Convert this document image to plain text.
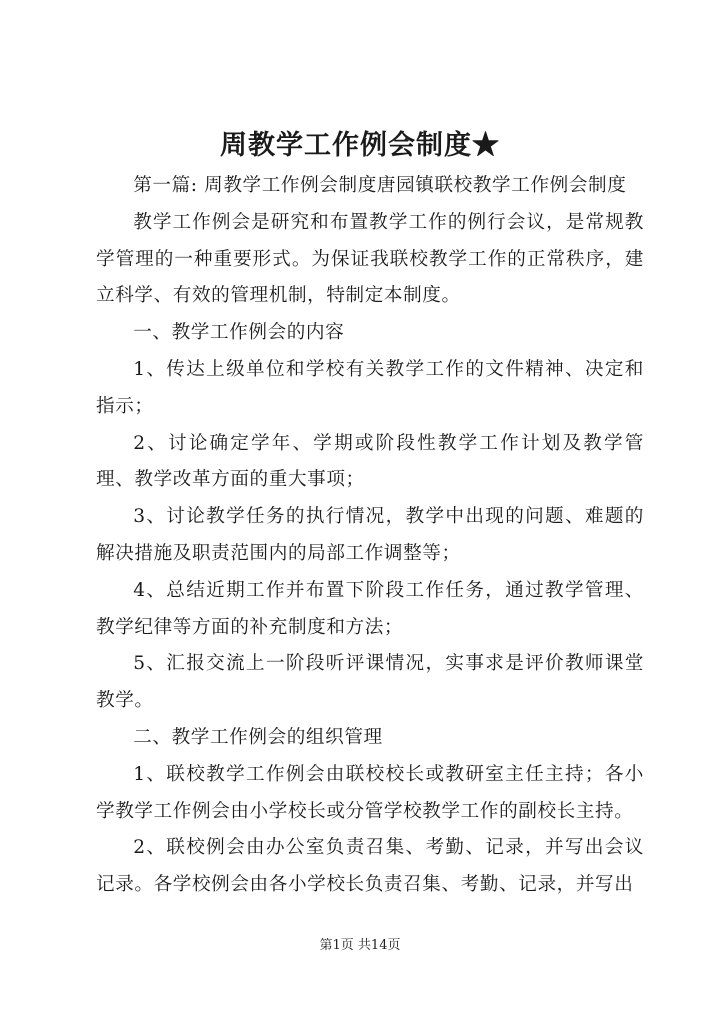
周教学工作例会制度★

第一篇: 周教学工作例会制度唐园镇联校教学工作例会制度

教学工作例会是研究和布置教学工作的例行会议，是常规教学管理的一种重要形式。为保证我联校教学工作的正常秩序，建立科学、有效的管理机制，特制定本制度。

一、教学工作例会的内容

1、传达上级单位和学校有关教学工作的文件精神、决定和指示；

2、讨论确定学年、学期或阶段性教学工作计划及教学管理、教学改革方面的重大事项；

3、讨论教学任务的执行情况，教学中出现的问题、难题的解决措施及职责范围内的局部工作调整等；

4、总结近期工作并布置下阶段工作任务，通过教学管理、教学纪律等方面的补充制度和方法；

5、汇报交流上一阶段听评课情况，实事求是评价教师课堂教学。

二、教学工作例会的组织管理

1、联校教学工作例会由联校校长或教研室主任主持；各小学教学工作例会由小学校长或分管学校教学工作的副校长主持。

2、联校例会由办公室负责召集、考勤、记录，并写出会议记录。各学校例会由各小学校长负责召集、考勤、记录，并写出

第1页 共14页
